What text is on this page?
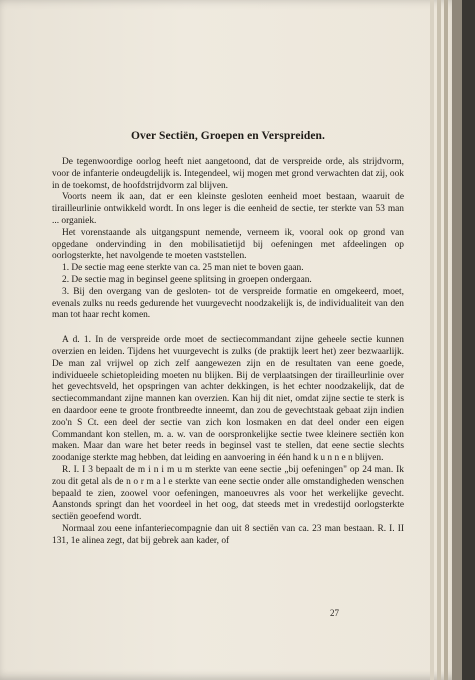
Over Sectiën, Groepen en Verspreiden.

De tegenwoordige oorlog heeft niet aangetoond, dat de verspreide orde, als strijdvorm, voor de infanterie ondeugdelijk is. Integendeel, wij mogen met grond verwachten dat zij, ook in de toekomst, de hoofdstrijdvorm zal blijven.

Voorts neem ik aan, dat er een kleinste gesloten eenheid moet bestaan, waaruit de tirailleurlinie ontwikkeld wordt. In ons leger is die eenheid de sectie, ter sterkte van 53 man ... organiek.

Het vorenstaande als uitgangspunt nemende, verneem ik, vooral ook op grond van opgedane ondervinding in den mobilisatietijd bij oefeningen met afdeelingen op oorlogsterkte, het navolgende te moeten vaststellen.

1. De sectie mag eene sterkte van ca. 25 man niet te boven gaan.

2. De sectie mag in beginsel geene splitsing in groepen ondergaan.

3. Bij den overgang van de gesloten- tot de verspreide formatie en omgekeerd, moet, evenals zulks nu reeds gedurende het vuurgevecht noodzakelijk is, de individualiteit van den man tot haar recht komen.

A d. 1. In de verspreide orde moet de sectiecommandant zijne geheele sectie kunnen overzien en leiden. Tijdens het vuurgevecht is zulks (de praktijk leert het) zeer bezwaarlijk. De man zal vrijwel op zich zelf aangewezen zijn en de resultaten van eene goede, individueele schietopleiding moeten nu blijken. Bij de verplaatsingen der tirailleurlinie over het gevechtsveld, het opspringen van achter dekkingen, is het echter noodzakelijk, dat de sectiecommandant zijne mannen kan overzien. Kan hij dit niet, omdat zijne sectie te sterk is en daardoor eene te groote frontbreedte inneemt, dan zou de gevechtstaak gebaat zijn indien zoo'n S Ct. een deel der sectie van zich kon losmaken en dat deel onder een eigen Commandant kon stellen, m. a. w. van de oorspronkelijke sectie twee kleinere sectiën kon maken. Maar dan ware het beter reeds in beginsel vast te stellen, dat eene sectie slechts zoodanige sterkte mag hebben, dat leiding en aanvoering in één hand k u n n e n blijven.

R. I. I 3 bepaalt de m i n i m u m sterkte van eene sectie „bij oefeningen" op 24 man. Ik zou dit getal als de n o r m a l e sterkte van eene sectie onder alle omstandigheden wenschen bepaald te zien, zoowel voor oefeningen, manoeuvres als voor het werkelijke gevecht. Aanstonds springt dan het voordeel in het oog, dat steeds met in vredestijd oorlogsterkte sectiën geoefend wordt.

Normaal zou eene infanteriecompagnie dan uit 8 sectiën van ca. 23 man bestaan. R. I. II 131, 1e alinea zegt, dat bij gebrek aan kader, of

27
